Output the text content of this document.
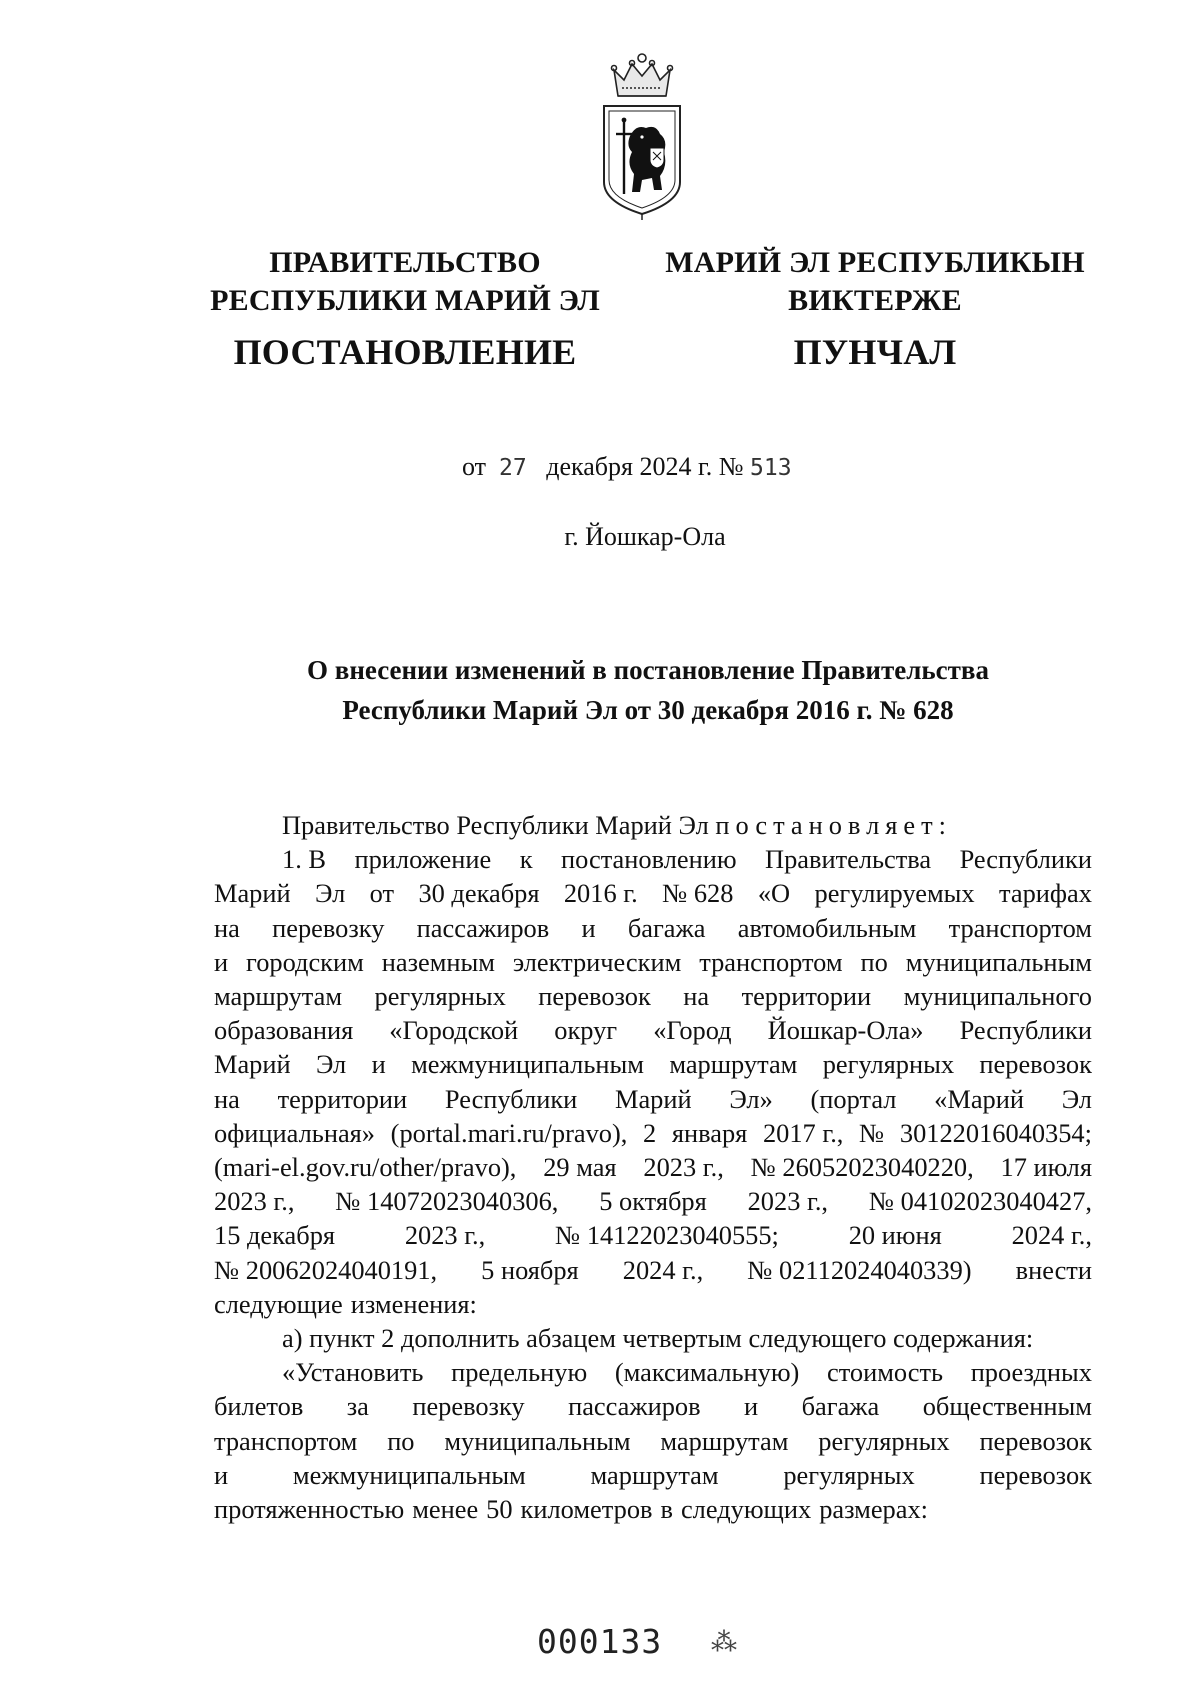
ПРАВИТЕЛЬСТВО
РЕСПУБЛИКИ МАРИЙ ЭЛ
ПОСТАНОВЛЕНИЕ
МАРИЙ ЭЛ РЕСПУБЛИКЫН
ВИКТЕРЖЕ
ПУНЧАЛ
от 27 декабря 2024 г. № 513
г. Йошкар-Ола
О внесении изменений в постановление Правительства
Республики Марий Эл от 30 декабря 2016 г. № 628
Правительство Республики Марий Эл постановляет:
1. В приложение к постановлению Правительства Республики
Марий Эл от 30 декабря 2016 г. № 628 «О регулируемых тарифах
на перевозку пассажиров и багажа автомобильным транспортом
и городским наземным электрическим транспортом по муниципальным
маршрутам регулярных перевозок на территории муниципального
образования «Городской округ «Город Йошкар-Ола» Республики
Марий Эл и межмуниципальным маршрутам регулярных перевозок
на территории Республики Марий Эл» (портал «Марий Эл
официальная» (portal.mari.ru/pravo), 2 января 2017 г., № 30122016040354;
(mari-el.gov.ru/other/pravo), 29 мая 2023 г., № 26052023040220, 17 июля
2023 г., № 14072023040306, 5 октября 2023 г., № 04102023040427,
15 декабря	2023 г.,	№ 14122023040555;	20 июня	2024 г.,
№ 20062024040191, 5 ноября 2024 г., № 02112024040339) внести
следующие изменения:
а) пункт 2 дополнить абзацем четвертым следующего содержания:
«Установить предельную (максимальную) стоимость проездных
билетов за перевозку пассажиров и багажа общественным
транспортом по муниципальным маршрутам регулярных перевозок
и межмуниципальным маршрутам регулярных перевозок
протяженностью менее 50 километров в следующих размерах:
000133 ⁂
